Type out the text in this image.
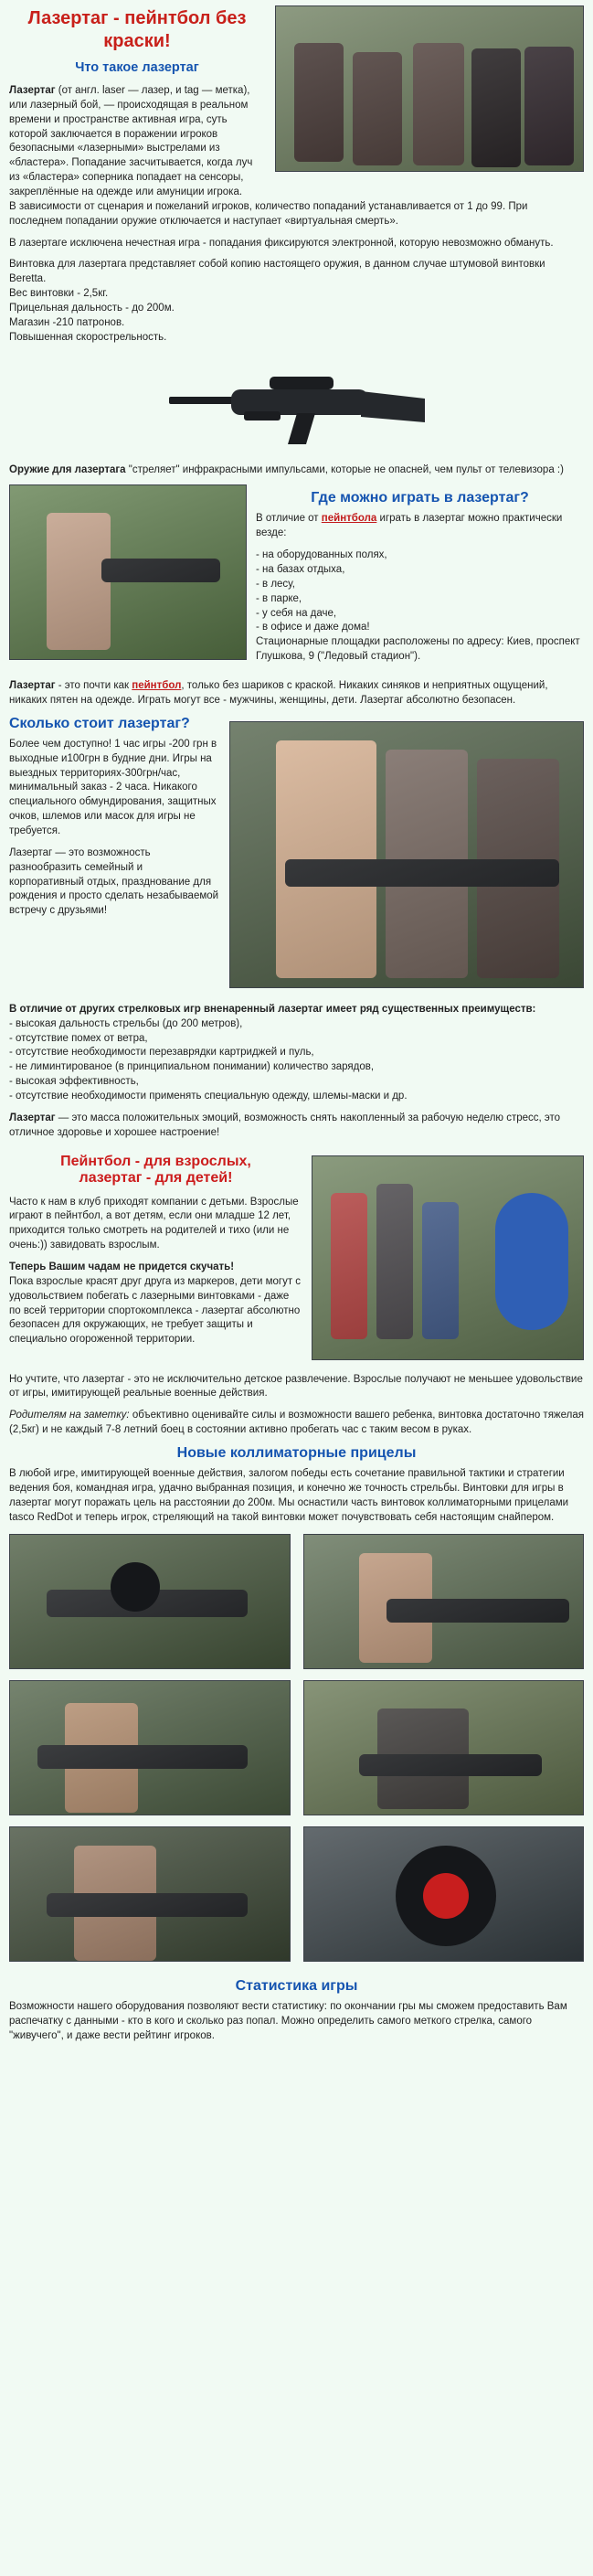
Лазертаг - пейнтбол без краски!
Что такое лазертаг

Лазертаг (от англ. laser — лазер, и tag — метка), или лазерный бой, — происходящая в реальном времени и пространстве активная игра, суть которой заключается в поражении игроков безопасными «лазерными» выстрелами из «бластера». Попадание засчитывается, когда луч из «бластера» соперника попадает на сенсоры, закреплённые на одежде или амуниции игрока.
В зависимости от сценария и пожеланий игроков, количество попаданий устанавливается от 1 до 99. При последнем попадании оружие отключается и наступает «виртуальная смерть».

В лазертаге исключена нечестная игра - попадания фиксируются электронной, которую невозможно обмануть.

Винтовка для лазертага представляет собой копию настоящего оружия, в данном случае штумовой винтовки Beretta.
Вес винтовки - 2,5кг.
Прицельная дальность - до 200м.
Магазин -210 патронов.
Повышенная скорострельность.

Оружие для лазертага "стреляет" инфракрасными импульсами, которые не опасней, чем пульт от телевизора :)

Где можно играть в лазертаг?

В отличие от пейнтбола играть в лазертаг можно практически везде:

- на оборудованных полях,
- на базах отдыха,
- в лесу,
- в парке,
- у себя на даче,
- в офисе и даже дома!

Стационарные площадки расположены по адресу: Киев, проспект Глушкова, 9 ("Ледовый стадион").

Лазертаг - это почти как пейнтбол, только без шариков с краской. Никаких синяков и неприятных ощущений, никаких пятен на одежде. Играть могут все - мужчины, женщины, дети. Лазертаг абсолютно безопасен.

Сколько стоит лазертаг?

Более чем доступно! 1 час игры -200 грн в выходные и100грн в будние дни. Игры на выездных территориях-300грн/час, минимальный заказ - 2 часа. Никакого специального обмундирования, защитных очков, шлемов или масок для игры не требуется.

Лазертаг — это возможность разнообразить семейный и корпоративный отдых, празднование для рождения и просто сделать незабываемой встречу с друзьями!

В отличие от других стрелковых игр вненаренный лазертаг имеет ряд существенных преимуществ:

- высокая дальность стрельбы (до 200 метров),
- отсутствие помех от ветра,
- отсутствие необходимости перезаврядки картриджей и пуль,
- не лиминтированое (в принципиальном понимании) количество зарядов,
- высокая эффективность,
- отсутствие необходимости применять специальную одежду, шлемы-маски и др.

Лазертаг — это масса положительных эмоций, возможность снять накопленный за рабочую неделю стресс, это отличное здоровье и хорошее настроение!

Пейнтбол - для взрослых,
лазертаг - для детей!

Часто к нам в клуб приходят компании с детьми. Взрослые играют в пейнтбол, а вот детям, если они младше 12 лет, приходится только смотреть на родителей и тихо (или не очень:)) завидовать взрослым.

Теперь Вашим чадам не придется скучать!
Пока взрослые красят друг друга из маркеров, дети могут с удовольствием побегать с лазерными винтовками - даже по всей территории спортокомплекса - лазертаг абсолютно безопасен для окружающих, не требует защиты и специально огороженной территории.

Но учтите, что лазертаг - это не исключительно детское развлечение. Взрослые получают не меньшее удовольствие от игры, имитирующей реальные военные действия.

Родителям на заметку: объективно оценивайте силы и возможности вашего ребенка, винтовка достаточно тяжелая (2,5кг) и не каждый 7-8 летний боец в состоянии активно пробегать час с таким весом в руках.

Новые коллиматорные прицелы

В любой игре, имитирующей военные действия, залогом победы есть сочетание правильной тактики и стратегии ведения боя, командная игра, удачно выбранная позиция, и конечно же точность стрельбы. Винтовки для игры в лазертаг могут поражать цель на расстоянии до 200м. Мы оснастили часть винтовок коллиматорными прицелами tasco RedDot и теперь игрок, стреляющий на такой винтовки может почувствовать себя настоящим снайпером.

Статистика игры

Возможности нашего оборудования позволяют вести статистику: по окончании гры мы сможем предоставить Вам распечатку с данными - кто в кого и сколько раз попал. Можно определить самого меткого стрелка, самого "живучего", и даже вести рейтинг игроков.
